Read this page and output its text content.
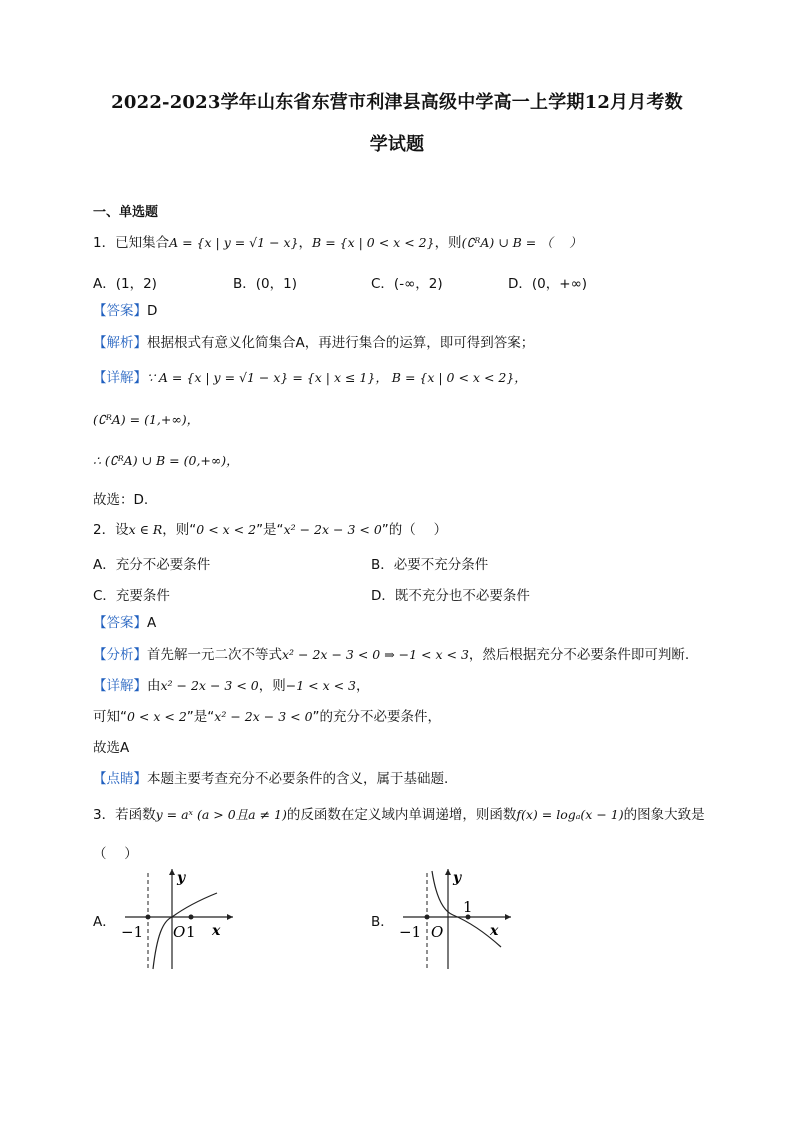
2022-2023学年山东省东营市利津县高级中学高一上学期12月月考数
学试题
一、单选题
1．已知集合A = {x | y = √1 − x}，B = {x | 0 < x < 2}，则(∁ᴿA) ∪ B = （　 ）
A．(1，2)	B．(0，1)	C．(-∞，2)	D．(0，+∞)
【答案】D
【解析】根据根式有意义化简集合A，再进行集合的运算，即可得到答案；
【详解】∵ A = {x | y = √1 − x} = {x | x ≤ 1}， B = {x | 0 < x < 2}，
(∁ᴿA) = (1,+∞)，
∴ (∁ᴿA) ∪ B = (0,+∞)，
故选：D.
2．设x ∈ R，则“0 < x < 2”是“x² − 2x − 3 < 0”的（　 ）
A．充分不必要条件	B．必要不充分条件
C．充要条件	D．既不充分也不必要条件
【答案】A
【分析】首先解一元二次不等式x² − 2x − 3 < 0 ⇒ −1 < x < 3，然后根据充分不必要条件即可判断.
【详解】由x² − 2x − 3 < 0，则−1 < x < 3，
可知“0 < x < 2”是“x² − 2x − 3 < 0”的充分不必要条件，
故选A
【点睛】本题主要考查充分不必要条件的含义，属于基础题.
3．若函数y = aˣ (a > 0且a ≠ 1)的反函数在定义域内单调递增，则函数f(x) = logₐ(x − 1)的图象大致是
（　 ）
A．	B．
y
x
−1 O 1
y
x
−1 O
1
